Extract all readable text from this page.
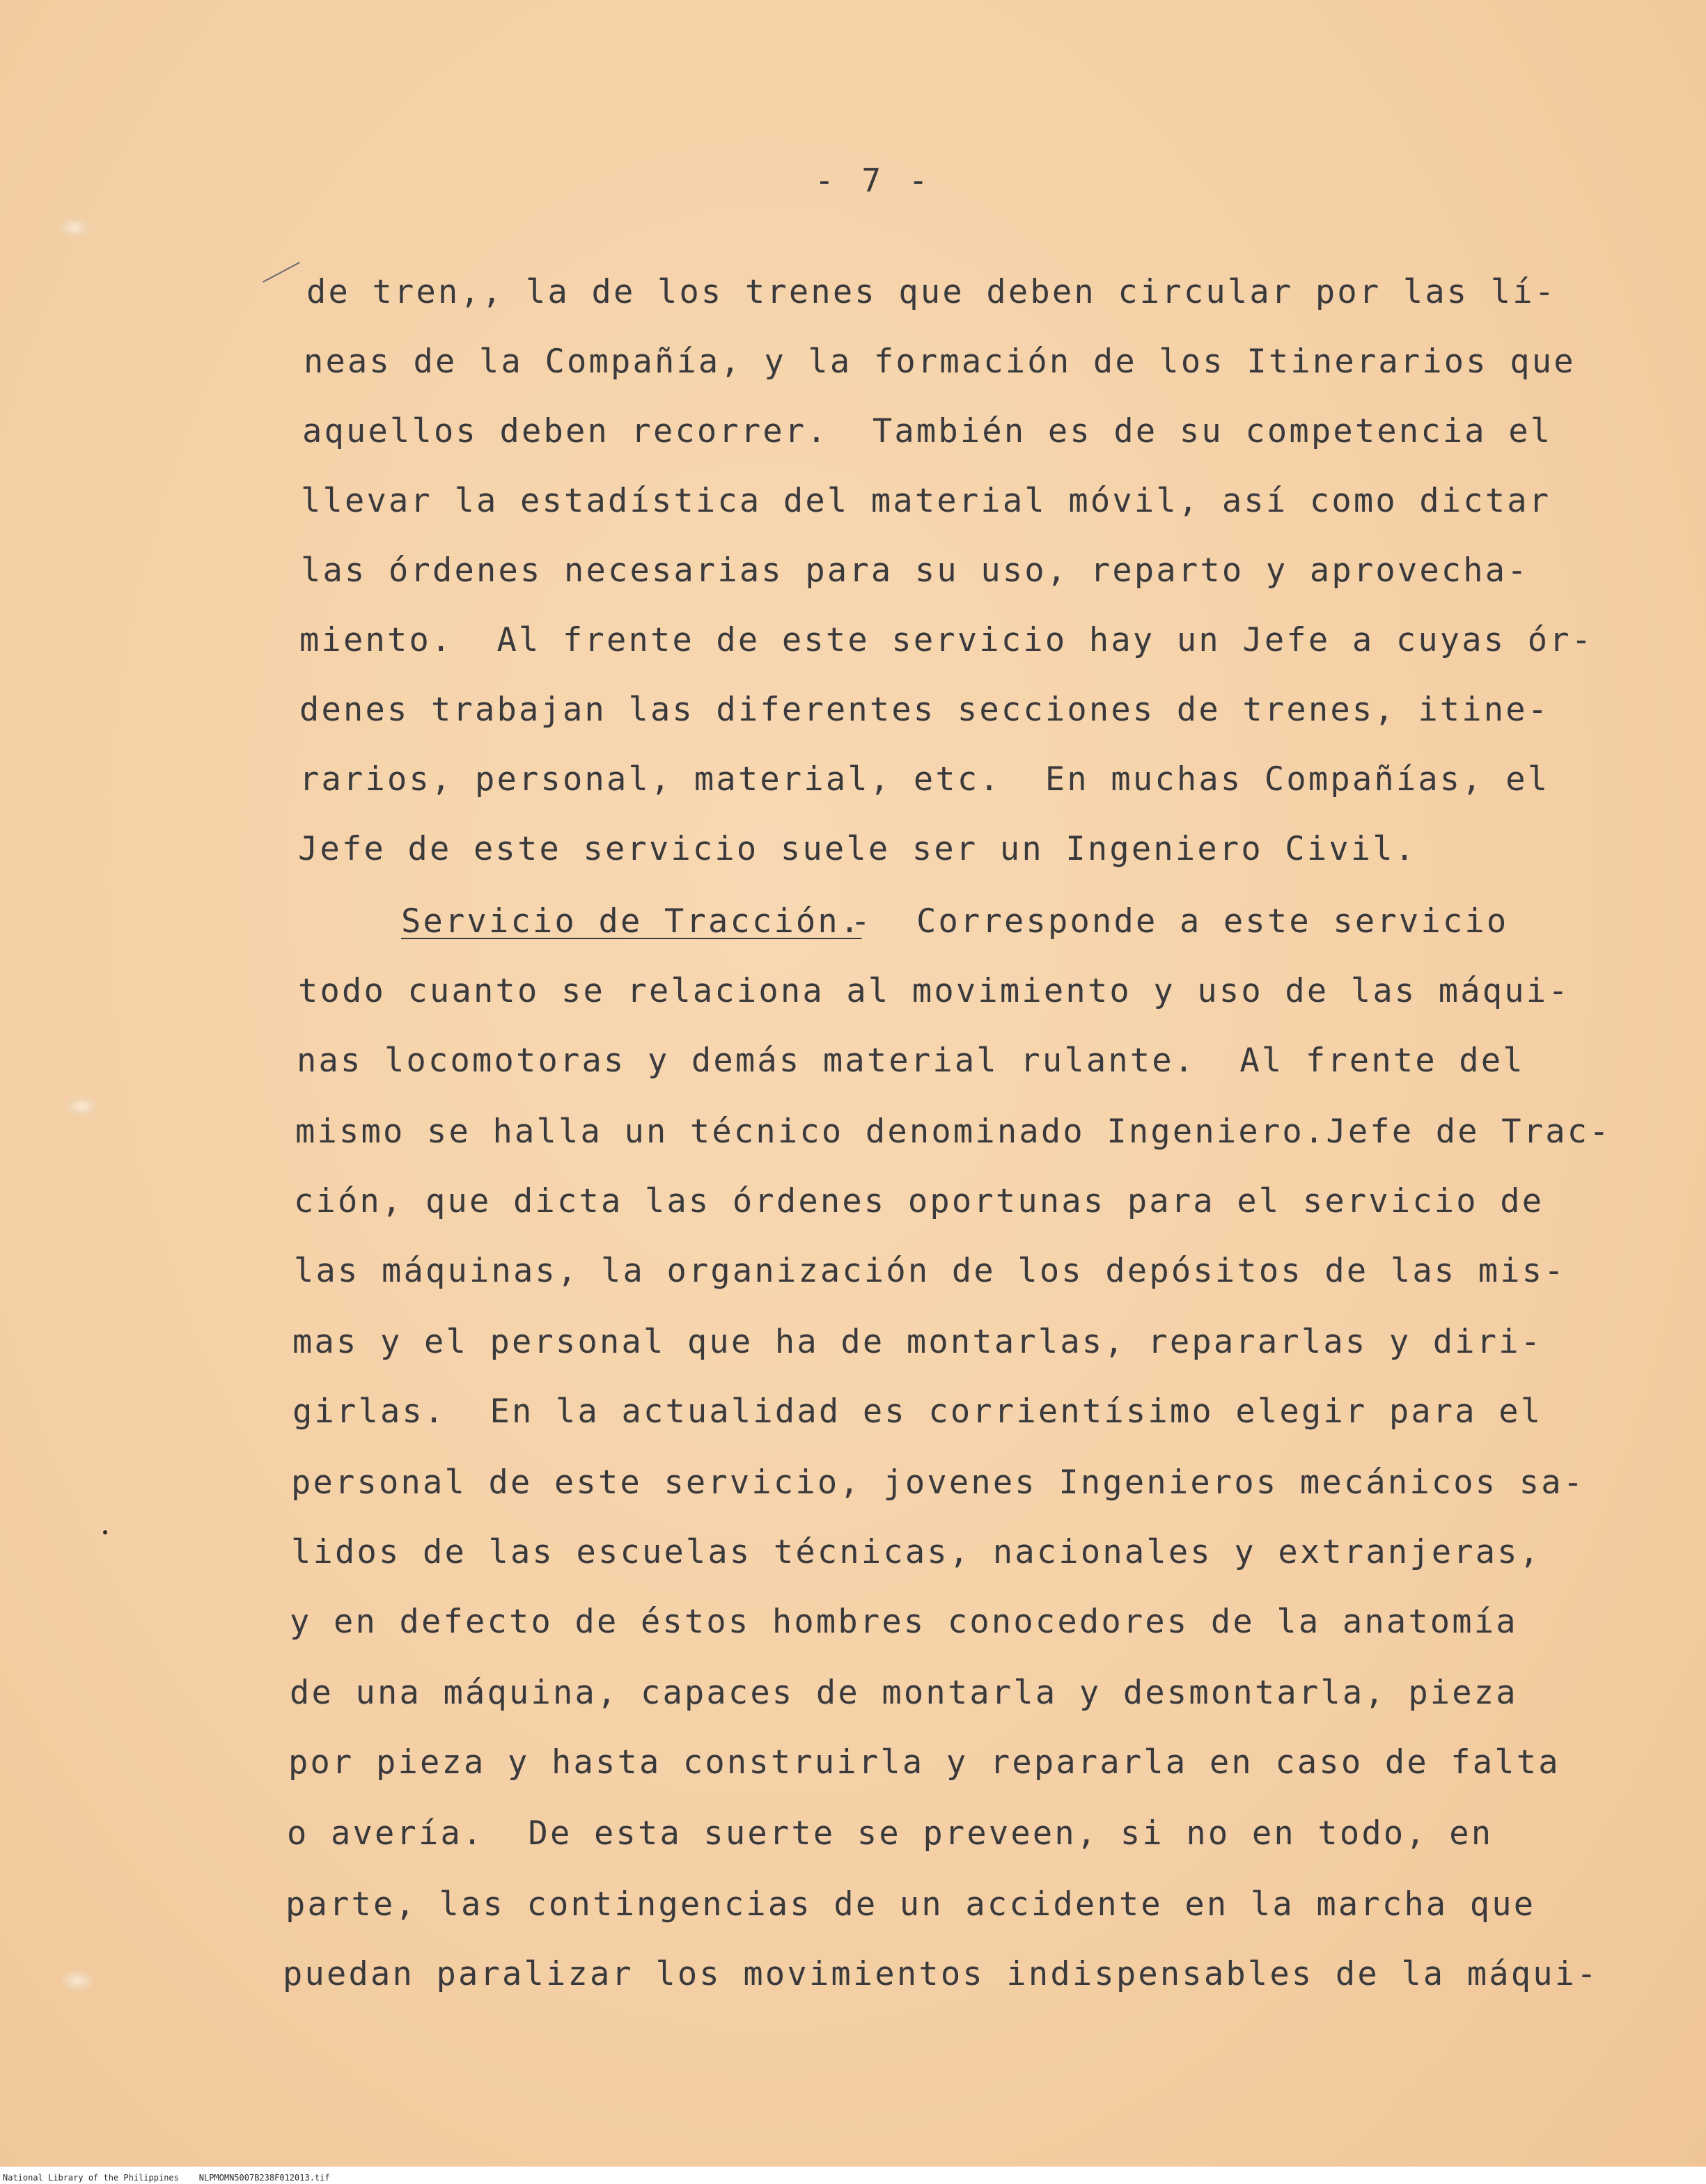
- 7 -
de tren,, la de los trenes que deben circular por las lí-
neas de la Compañía, y la formación de los Itinerarios que
aquellos deben recorrer.  También es de su competencia el
llevar la estadística del material móvil, así como dictar
las órdenes necesarias para su uso, reparto y aprovecha-
miento.  Al frente de este servicio hay un Jefe a cuyas ór-
denes trabajan las diferentes secciones de trenes, itine-
rarios, personal, material, etc.  En muchas Compañías, el
Jefe de este servicio suele ser un Ingeniero Civil.
Servicio de Tracción.
-  Corresponde a este servicio
todo cuanto se relaciona al movimiento y uso de las máqui-
nas locomotoras y demás material rulante.  Al frente del
mismo se halla un técnico denominado Ingeniero.Jefe de Trac-
ción, que dicta las órdenes oportunas para el servicio de
las máquinas, la organización de los depósitos de las mis-
mas y el personal que ha de montarlas, repararlas y diri-
girlas.  En la actualidad es corrientísimo elegir para el
personal de este servicio, jovenes Ingenieros mecánicos sa-
lidos de las escuelas técnicas, nacionales y extranjeras,
y en defecto de éstos hombres conocedores de la anatomía
de una máquina, capaces de montarla y desmontarla, pieza
por pieza y hasta construirla y repararla en caso de falta
o avería.  De esta suerte se preveen, si no en todo, en
parte, las contingencias de un accidente en la marcha que
puedan paralizar los movimientos indispensables de la máqui-
National Library of the Philippines    NLPMOMN5007B238F012013.tif
